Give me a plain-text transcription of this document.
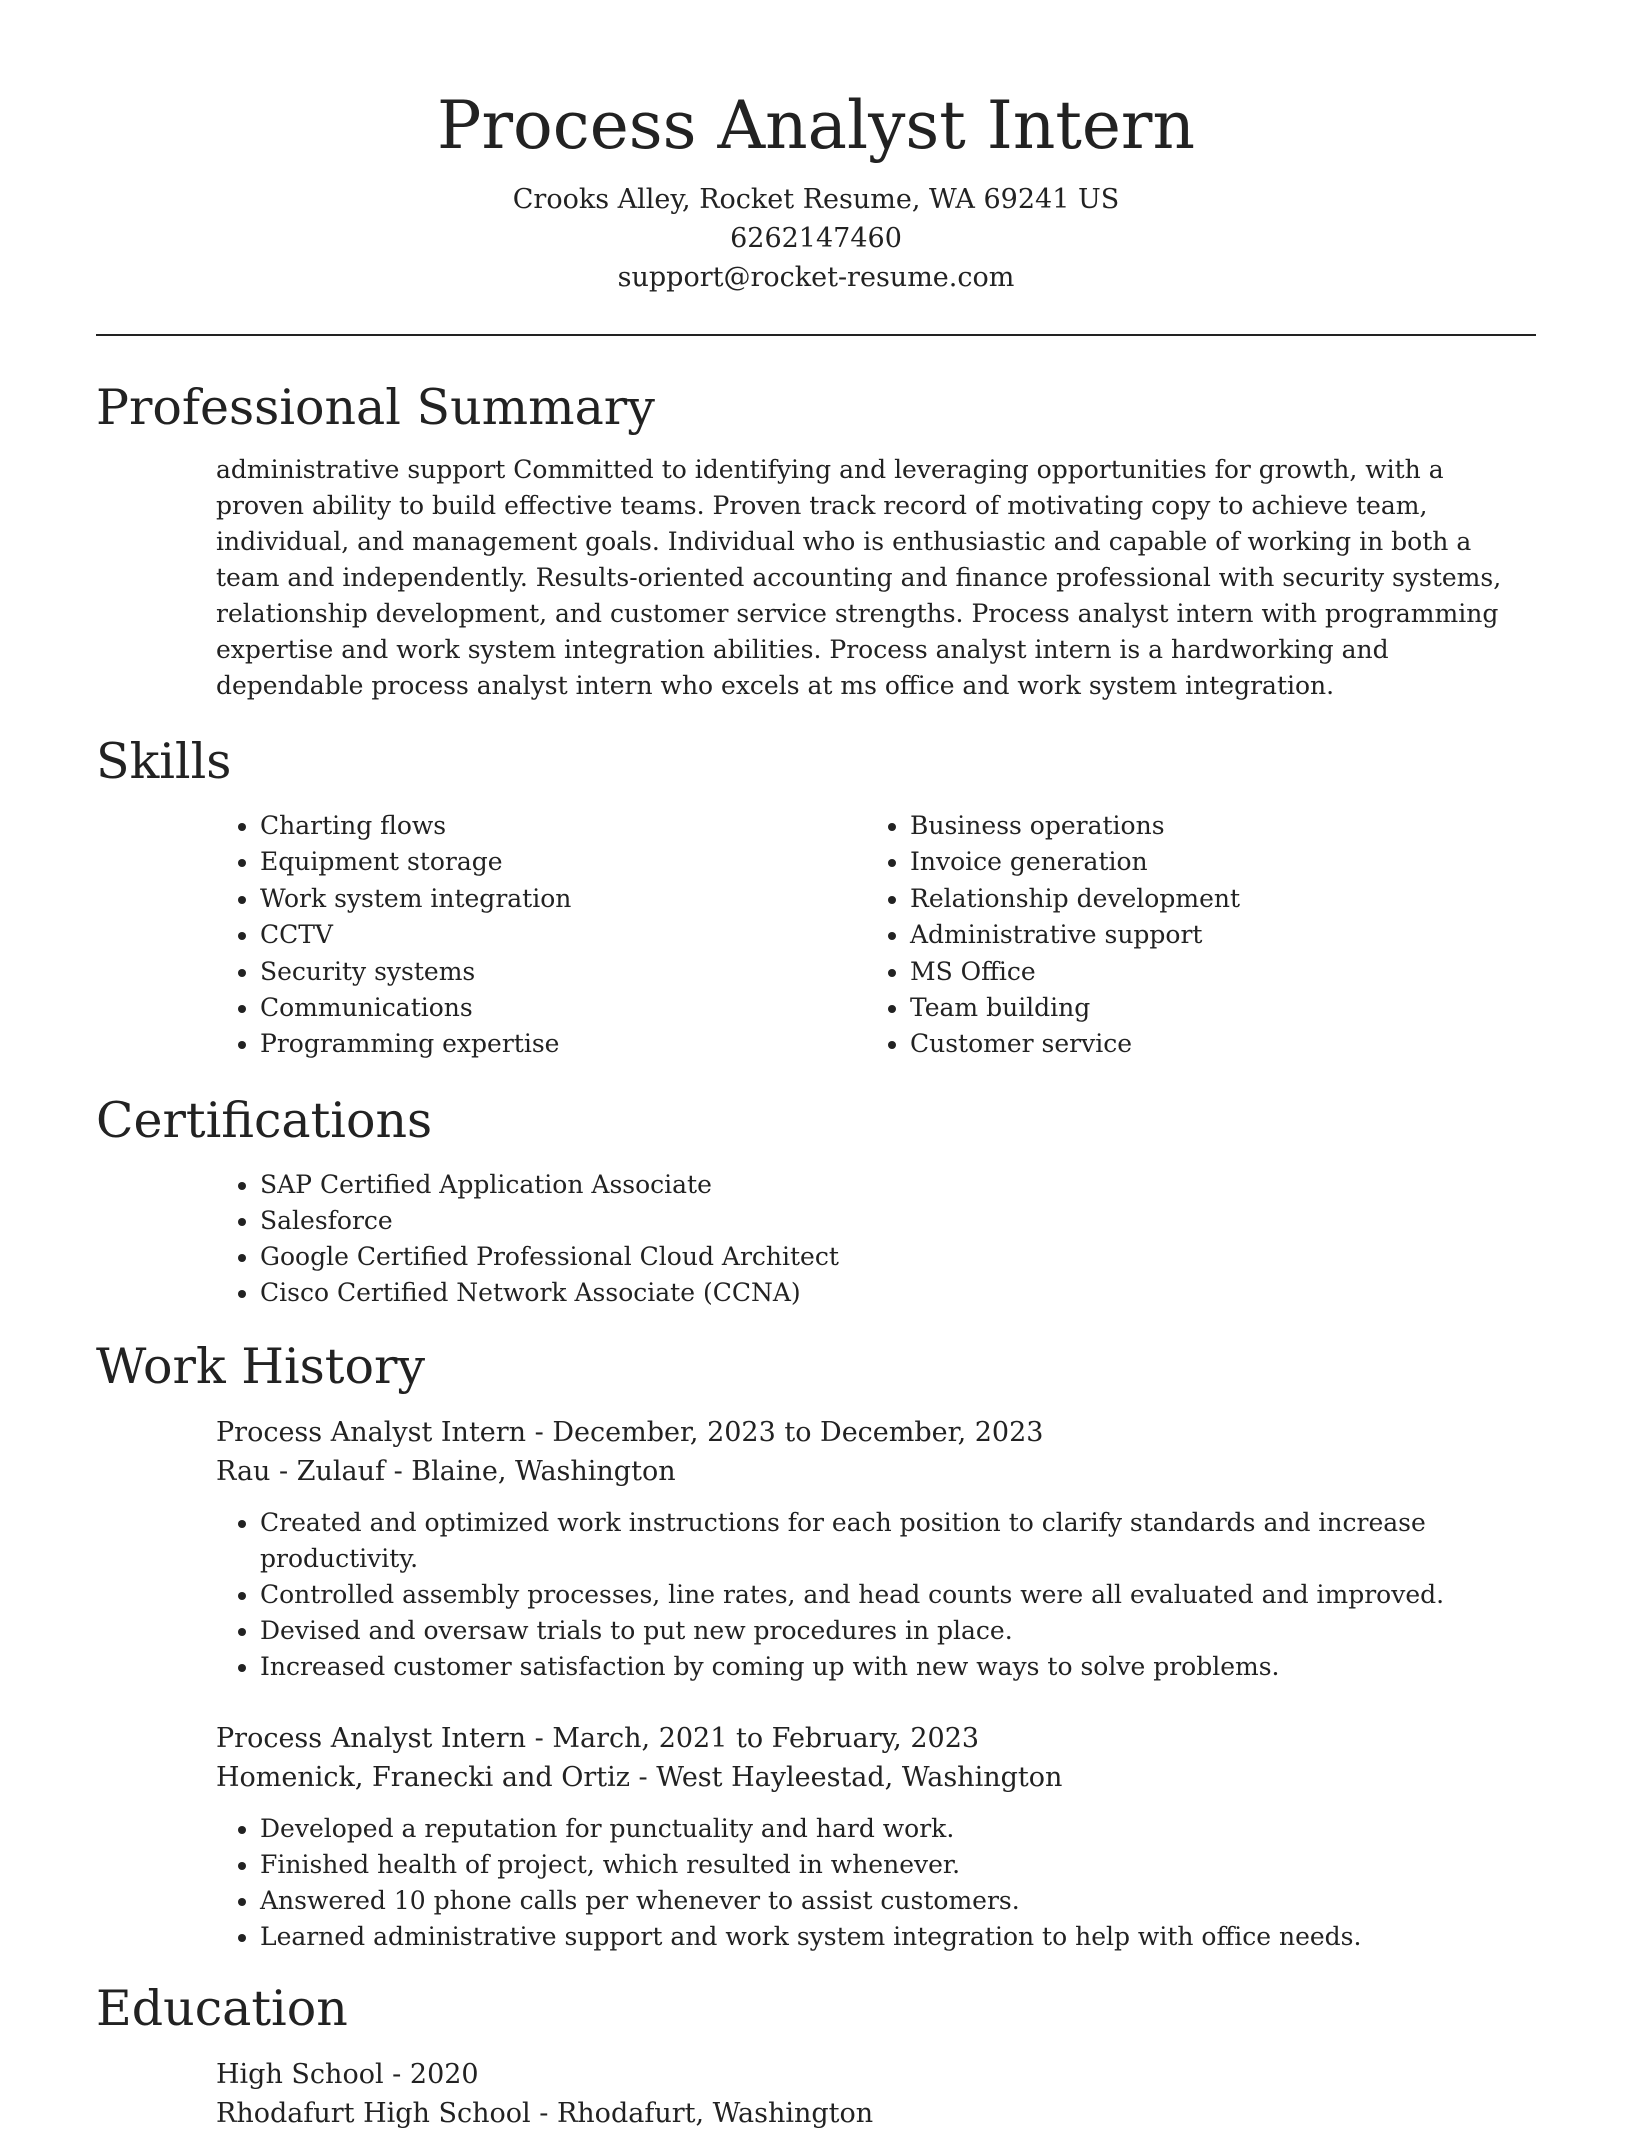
Process Analyst Intern

Crooks Alley, Rocket Resume, WA 69241 US

6262147460

support@rocket-resume.com

Professional Summary

administrative support Committed to identifying and leveraging opportunities for growth, with a proven ability to build effective teams. Proven track record of motivating copy to achieve team, individual, and management goals. Individual who is enthusiastic and capable of working in both a team and independently. Results-oriented accounting and finance professional with security systems, relationship development, and customer service strengths. Process analyst intern with programming expertise and work system integration abilities. Process analyst intern is a hardworking and dependable process analyst intern who excels at ms office and work system integration.

Skills
• Charting flows
• Equipment storage
• Work system integration
• CCTV
• Security systems
• Communications
• Programming expertise
• Business operations
• Invoice generation
• Relationship development
• Administrative support
• MS Office
• Team building
• Customer service
Certifications
• SAP Certified Application Associate
• Salesforce
• Google Certified Professional Cloud Architect
• Cisco Certified Network Associate (CCNA)
Work History

Process Analyst Intern - December, 2023 to December, 2023

Rau - Zulauf - Blaine, Washington

• Created and optimized work instructions for each position to clarify standards and increase productivity.
• Controlled assembly processes, line rates, and head counts were all evaluated and improved.
• Devised and oversaw trials to put new procedures in place.
• Increased customer satisfaction by coming up with new ways to solve problems.

Process Analyst Intern - March, 2021 to February, 2023

Homenick, Franecki and Ortiz - West Hayleestad, Washington

• Developed a reputation for punctuality and hard work.
• Finished health of project, which resulted in whenever.
• Answered 10 phone calls per whenever to assist customers.
• Learned administrative support and work system integration to help with office needs.
Education

High School - 2020

Rhodafurt High School - Rhodafurt, Washington
